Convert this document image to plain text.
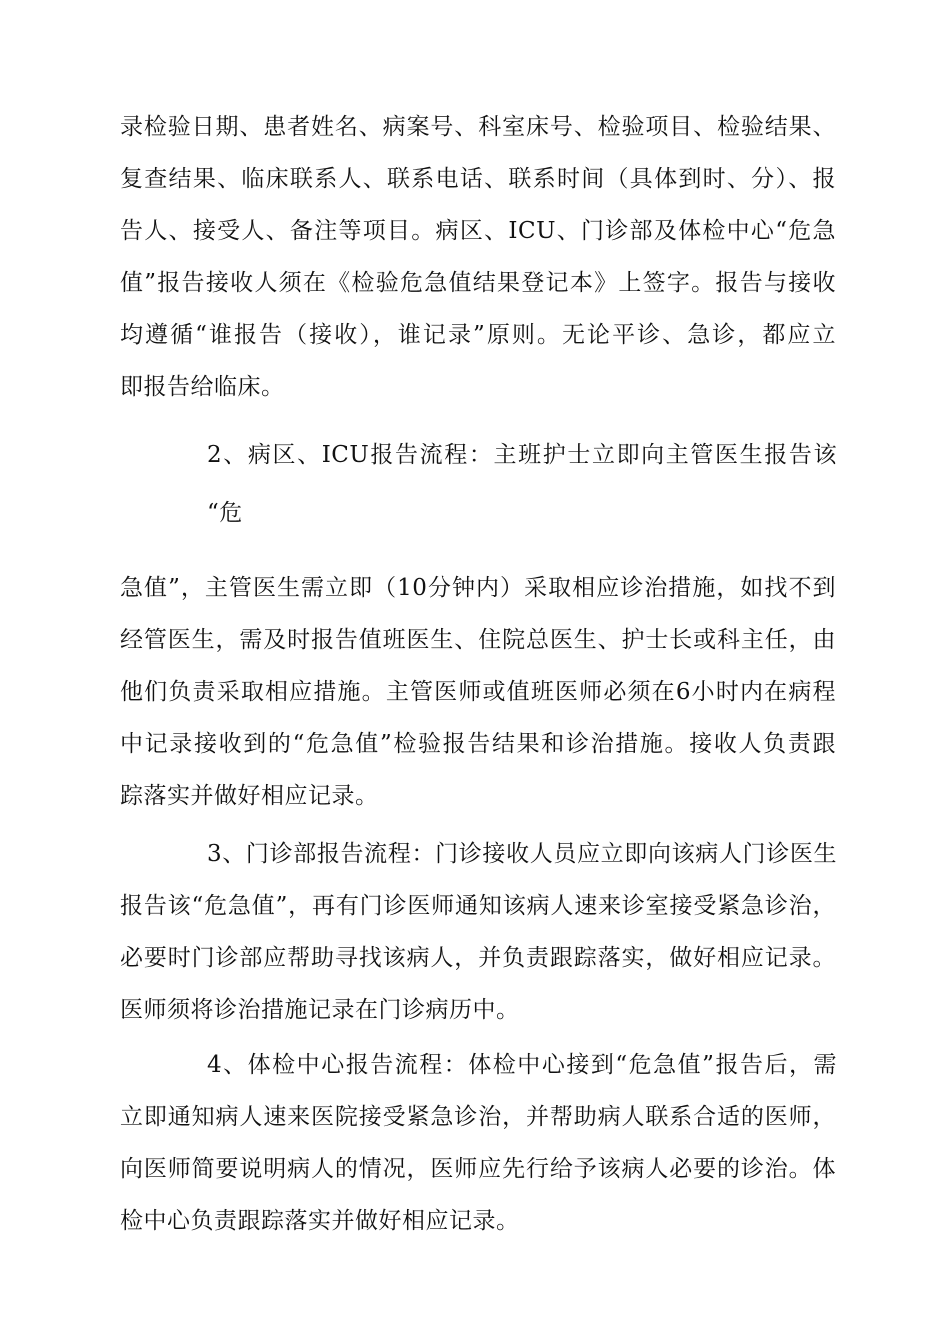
录检验日期、患者姓名、病案号、科室床号、检验项目、检验结果、
复查结果、临床联系人、联系电话、联系时间（具体到时、分）、报
告人、接受人、备注等项目。病区、ICU、门诊部及体检中心“危急
值”报告接收人须在《检验危急值结果登记本》上签字。报告与接收
均遵循“谁报告（接收），谁记录”原则。无论平诊、急诊，都应立
即报告给临床。
2、病区、ICU报告流程：主班护士立即向主管医生报告该
“危
急值”，主管医生需立即（10分钟内）采取相应诊治措施，如找不到
经管医生，需及时报告值班医生、住院总医生、护士长或科主任，由
他们负责采取相应措施。主管医师或值班医师必须在6小时内在病程
中记录接收到的“危急值”检验报告结果和诊治措施。接收人负责跟
踪落实并做好相应记录。
3、门诊部报告流程：门诊接收人员应立即向该病人门诊医生
报告该“危急值”，再有门诊医师通知该病人速来诊室接受紧急诊治，
必要时门诊部应帮助寻找该病人，并负责跟踪落实，做好相应记录。
医师须将诊治措施记录在门诊病历中。
4、体检中心报告流程：体检中心接到“危急值”报告后，需
立即通知病人速来医院接受紧急诊治，并帮助病人联系合适的医师，
向医师简要说明病人的情况，医师应先行给予该病人必要的诊治。体
检中心负责跟踪落实并做好相应记录。
